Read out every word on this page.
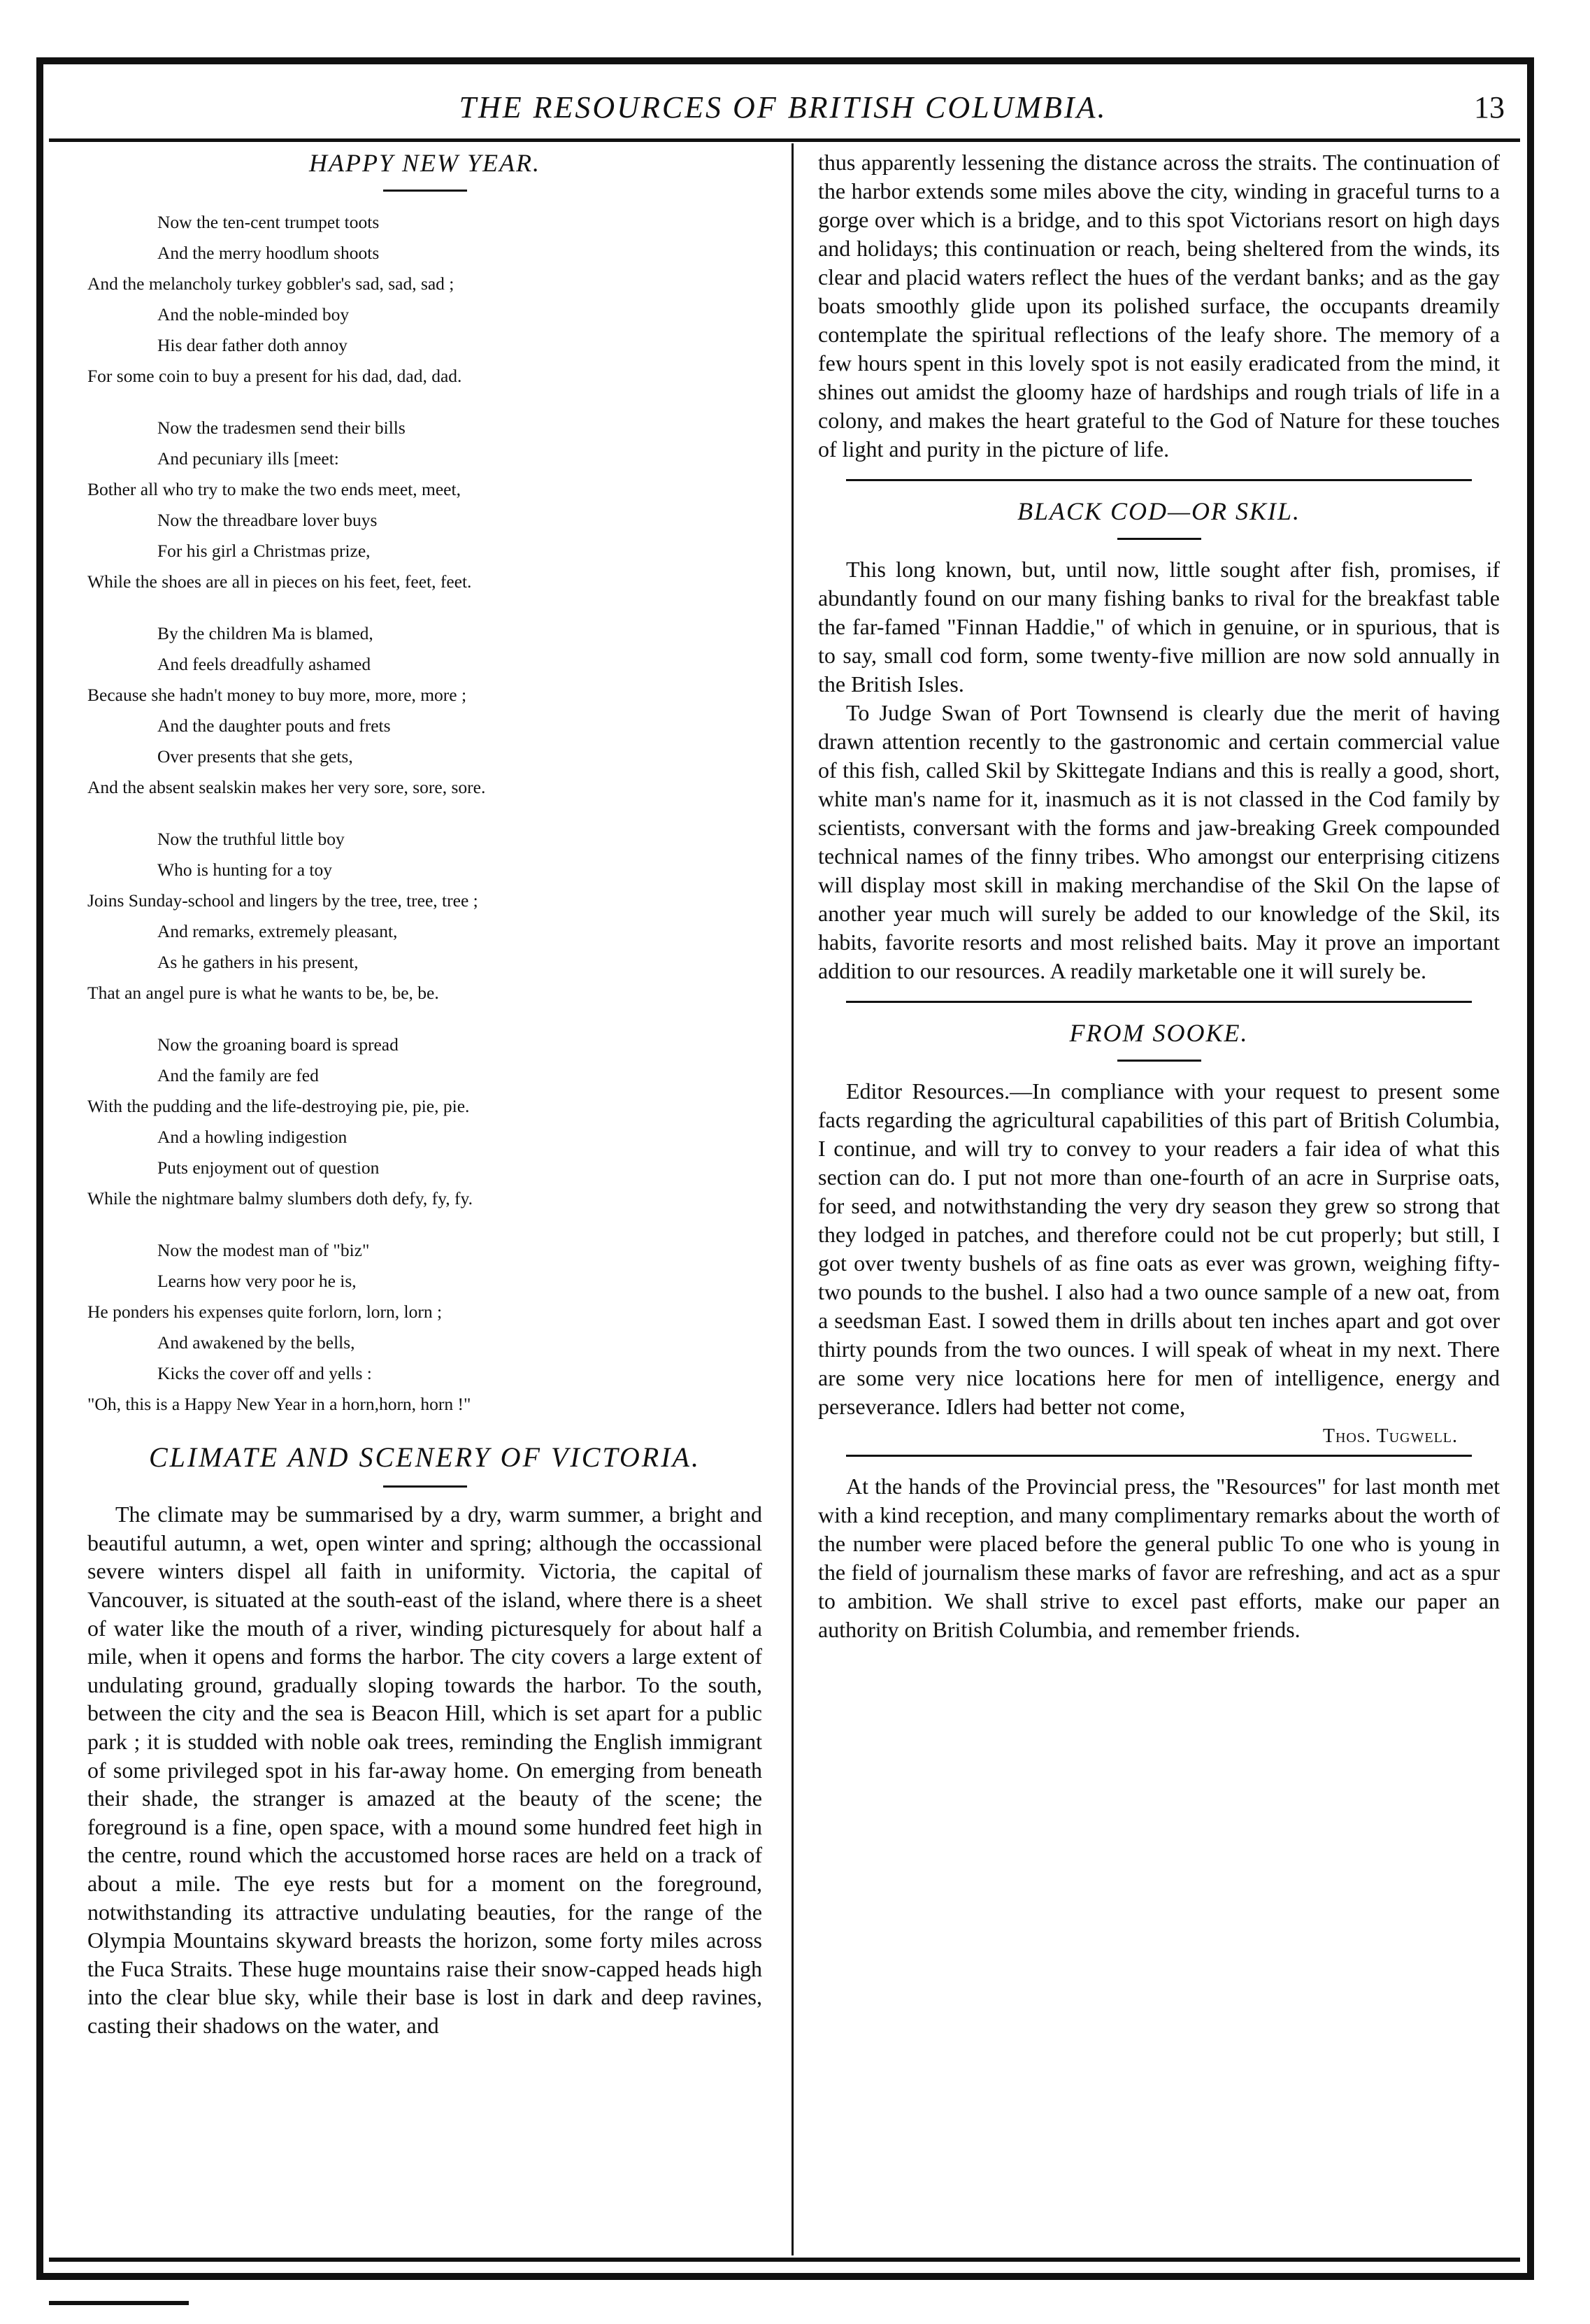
THE RESOURCES OF BRITISH COLUMBIA.	13
HAPPY NEW YEAR.
Now the ten-cent trumpet toots
And the merry hoodlum shoots
And the melancholy turkey gobbler's sad, sad, sad ;
And the noble-minded boy
His dear father doth annoy
For some coin to buy a present for his dad, dad, dad.
Now the tradesmen send their bills
And pecuniary ills [meet:
Bother all who try to make the two ends meet, meet,
Now the threadbare lover buys
For his girl a Christmas prize,
While the shoes are all in pieces on his feet, feet, feet.
By the children Ma is blamed,
And feels dreadfully ashamed
Because she hadn't money to buy more, more, more ;
And the daughter pouts and frets
Over presents that she gets,
And the absent sealskin makes her very sore, sore, sore.
Now the truthful little boy
Who is hunting for a toy
Joins Sunday-school and lingers by the tree, tree, tree ;
And remarks, extremely pleasant,
As he gathers in his present,
That an angel pure is what he wants to be, be, be.
Now the groaning board is spread
And the family are fed
With the pudding and the life-destroying pie, pie, pie.
And a howling indigestion
Puts enjoyment out of question
While the nightmare balmy slumbers doth defy, fy, fy.
Now the modest man of "biz"
Learns how very poor he is,
He ponders his expenses quite forlorn, lorn, lorn ;
And awakened by the bells,
Kicks the cover off and yells :
"Oh, this is a Happy New Year in a horn,horn, horn !"
CLIMATE AND SCENERY OF VICTORIA.

The climate may be summarised by a dry, warm summer, a bright and beautiful autumn, a wet, open winter and spring; although the occassional severe winters dispel all faith in uniformity. Victoria, the capital of Vancouver, is situated at the south-east of the island, where there is a sheet of water like the mouth of a river, winding picturesquely for about half a mile, when it opens and forms the harbor. The city covers a large extent of undulating ground, gradually sloping towards the harbor. To the south, between the city and the sea is Beacon Hill, which is set apart for a public park ; it is studded with noble oak trees, reminding the English immigrant of some privileged spot in his far-away home. On emerging from beneath their shade, the stranger is amazed at the beauty of the scene; the foreground is a fine, open space, with a mound some hundred feet high in the centre, round which the accustomed horse races are held on a track of about a mile. The eye rests but for a moment on the foreground, notwithstanding its attractive undulating beauties, for the range of the Olympia Mountains skyward breasts the horizon, some forty miles across the Fuca Straits. These huge mountains raise their snow-capped heads high into the clear blue sky, while their base is lost in dark and deep ravines, casting their shadows on the water, and

thus apparently lessening the distance across the straits. The continuation of the harbor extends some miles above the city, winding in graceful turns to a gorge over which is a bridge, and to this spot Victorians resort on high days and holidays; this continuation or reach, being sheltered from the winds, its clear and placid waters reflect the hues of the verdant banks; and as the gay boats smoothly glide upon its polished surface, the occupants dreamily contemplate the spiritual reflections of the leafy shore. The memory of a few hours spent in this lovely spot is not easily eradicated from the mind, it shines out amidst the gloomy haze of hardships and rough trials of life in a colony, and makes the heart grateful to the God of Nature for these touches of light and purity in the picture of life.

BLACK COD—OR SKIL.

This long known, but, until now, little sought after fish, promises, if abundantly found on our many fishing banks to rival for the breakfast table the far-famed "Finnan Haddie," of which in genuine, or in spurious, that is to say, small cod form, some twenty-five million are now sold annually in the British Isles.

To Judge Swan of Port Townsend is clearly due the merit of having drawn attention recently to the gastronomic and certain commercial value of this fish, called Skil by Skittegate Indians and this is really a good, short, white man's name for it, inasmuch as it is not classed in the Cod family by scientists, conversant with the forms and jaw-breaking Greek compounded technical names of the finny tribes. Who amongst our enterprising citizens will display most skill in making merchandise of the Skil On the lapse of another year much will surely be added to our knowledge of the Skil, its habits, favorite resorts and most relished baits. May it prove an important addition to our resources. A readily marketable one it will surely be.

FROM SOOKE.

Editor Resources.—In compliance with your request to present some facts regarding the agricultural capabilities of this part of British Columbia, I continue, and will try to convey to your readers a fair idea of what this section can do. I put not more than one-fourth of an acre in Surprise oats, for seed, and notwithstanding the very dry season they grew so strong that they lodged in patches, and therefore could not be cut properly; but still, I got over twenty bushels of as fine oats as ever was grown, weighing fifty-two pounds to the bushel. I also had a two ounce sample of a new oat, from a seedsman East. I sowed them in drills about ten inches apart and got over thirty pounds from the two ounces. I will speak of wheat in my next. There are some very nice locations here for men of intelligence, energy and perseverance. Idlers had better not come,

Thos. Tugwell.

At the hands of the Provincial press, the "Resources" for last month met with a kind reception, and many complimentary remarks about the worth of the number were placed before the general public To one who is young in the field of journalism these marks of favor are refreshing, and act as a spur to ambition. We shall strive to excel past efforts, make our paper an authority on British Columbia, and remember friends.
